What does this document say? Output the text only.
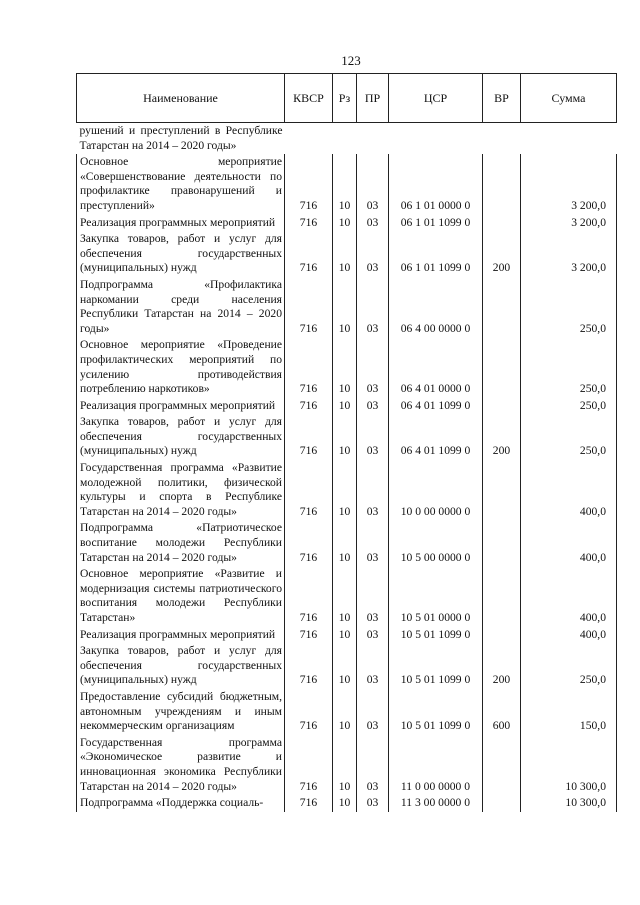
123
Наименование	КВСР	Рз	ПР	ЦСР	ВР	Сумма
рушений и преступлений в Республике Татарстан на 2014 – 2020 годы»						
Основное мероприятие «Совершенствование деятельности по профилактике правонарушений и преступлений»	716	10	03	06 1 01 0000 0		3 200,0
Реализация программных мероприятий	716	10	03	06 1 01 1099 0		3 200,0
Закупка товаров, работ и услуг для обеспечения государственных (муниципальных) нужд	716	10	03	06 1 01 1099 0	200	3 200,0
Подпрограмма «Профилактика наркомании среди населения Республики Татарстан на 2014 – 2020 годы»	716	10	03	06 4 00 0000 0		250,0
Основное мероприятие «Проведение профилактических мероприятий по усилению противодействия потреблению наркотиков»	716	10	03	06 4 01 0000 0		250,0
Реализация программных мероприятий	716	10	03	06 4 01 1099 0		250,0
Закупка товаров, работ и услуг для обеспечения государственных (муниципальных) нужд	716	10	03	06 4 01 1099 0	200	250,0
Государственная программа «Развитие молодежной политики, физической культуры и спорта в Республике Татарстан на 2014 – 2020 годы»	716	10	03	10 0 00 0000 0		400,0
Подпрограмма «Патриотическое воспитание молодежи Республики Татарстан на 2014 – 2020 годы»	716	10	03	10 5 00 0000 0		400,0
Основное мероприятие «Развитие и модернизация системы патриотического воспитания молодежи Республики Татарстан»	716	10	03	10 5 01 0000 0		400,0
Реализация программных мероприятий	716	10	03	10 5 01 1099 0		400,0
Закупка товаров, работ и услуг для обеспечения государственных (муниципальных) нужд	716	10	03	10 5 01 1099 0	200	250,0
Предоставление субсидий бюджетным, автономным учреждениям и иным некоммерческим организациям	716	10	03	10 5 01 1099 0	600	150,0
Государственная программа «Экономическое развитие и инновационная экономика Республики Татарстан на 2014 – 2020 годы»	716	10	03	11 0 00 0000 0		10 300,0
Подпрограмма «Поддержка социаль-	716	10	03	11 3 00 0000 0		10 300,0
